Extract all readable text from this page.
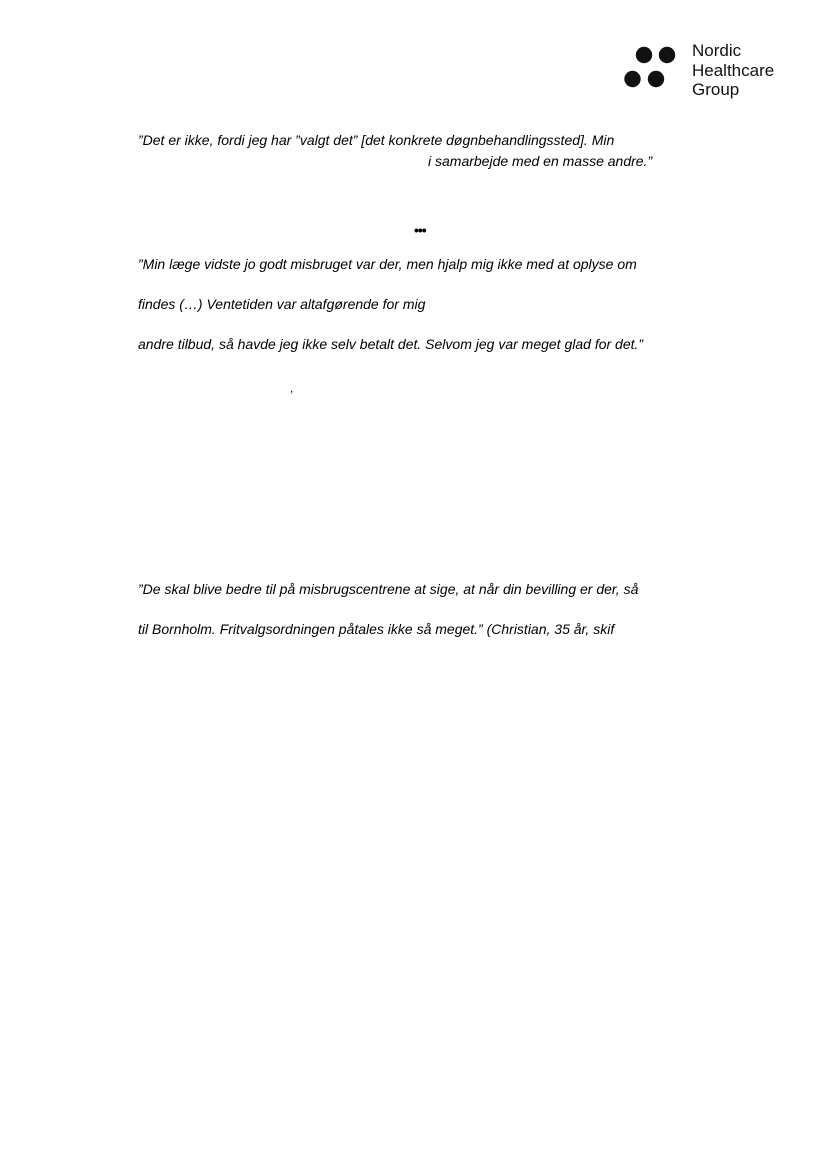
Nordic
Healthcare
Group
”Det er ikke, fordi jeg har ”valgt det” [det konkrete døgnbehandlingssted]. Min
i samarbejde med en masse andre.”
•••
”Min læge vidste jo godt misbruget var der, men hjalp mig ikke med at oplyse om
findes (…) Ventetiden var altafgørende for mig
andre tilbud, så havde jeg ikke selv betalt det. Selvom jeg var meget glad for det.”
,
”De skal blive bedre til på misbrugscentrene at sige, at når din bevilling er der, så
til Bornholm. Fritvalgsordningen påtales ikke så meget.” (Christian, 35 år, skif
